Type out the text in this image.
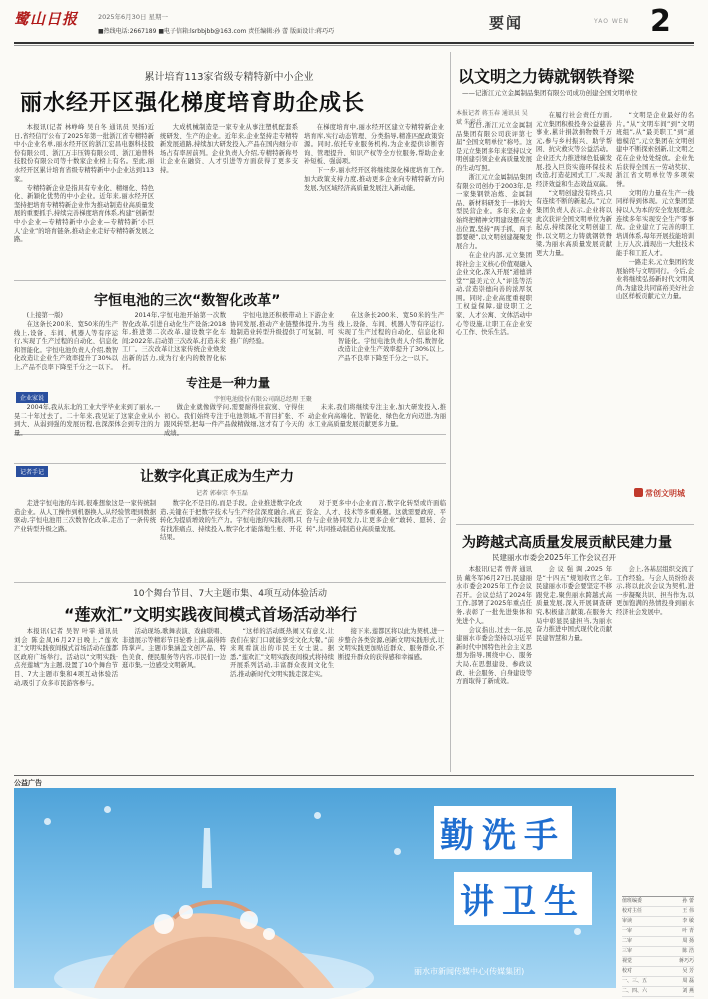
鹭山日报	2025年6月30日 星期一
■热线电话:2667189 ■电子信箱:lsrbbjbb@163.com 责任编辑:孙 蕾 版面设计:蒋巧巧	要闻	YAO WEN 2
累计培育113家省级专精特新中小企业
丽水经开区强化梯度培育助企成长

本报讯(记者 林峥峰 吴自冬 通讯员 吴扬)近日,省经信厅公布了2025年第一批浙江省专精特新中小企业名单,丽水经开区的浙江宏昌电器科技股份有限公司、浙江万丰压铸有限公司、浙江迪普科技股份有限公司等十数家企业榜上有名。至此,丽水经开区累计培育省级专精特新中小企业达到113家。

专精特新企业是指具有专业化、精细化、特色化、新颖化优势的中小企业。近年来,丽水经开区坚持把培育专精特新企业作为推动制造业高质量发展的重要抓手,持续完善梯度培育体系,构建“创新型中小企业—专精特新中小企业—专精特新‘小巨人’企业”的培育链条,推动企业走好专精特新发展之路。

大成机械制造是一家专业从事注塑机配套系统研发、生产的企业。近年来,企业坚持走专精特新发展道路,持续加大研发投入,产品在国内细分市场占有率居前列。企业负责人介绍,专精特新称号让企业在融资、人才引进等方面获得了更多支持。

在梯度培育中,丽水经开区建立专精特新企业培育库,实行动态管理、分类指导,精准匹配政策资源。同时,依托专业服务机构,为企业提供诊断咨询、管理提升、知识产权等全方位服务,帮助企业补短板、强弱项。

下一步,丽水经开区将继续深化梯度培育工作,加大政策支持力度,推动更多企业向专精特新方向发展,为区域经济高质量发展注入新动能。

宇恒电池的三次“数智化改革”

(上接第一版)

在这条长200米、宽50米的生产线上,设备、车间、机器人等有序运行,实现了生产过程的自动化、信息化和智能化。宇恒电池负责人介绍,数智化改造让企业生产效率提升了30%以上,产品不良率下降至千分之一以下。

2014年,宇恒电池开始第一次数智化改革,引进自动化生产设备;2018年,推进第二次改革,建设数字化车间;2022年,启动第三次改革,打造未来工厂。三次改革让这家传统企业焕发出新的活力,成为行业内的数智化标杆。

宇恒电池还积极带动上下游企业协同发展,推动产业链整体提升,为当地制造业转型升级提供了可复制、可推广的经验。

在这条长200米、宽50米的生产线上,设备、车间、机器人等有序运行,实现了生产过程的自动化、信息化和智能化。宇恒电池负责人介绍,数智化改造让企业生产效率提升了30%以上,产品不良率下降至千分之一以下。

企业家说
专注是一种力量
宇恒电池股份有限公司副总经理 王聚

2004年,我从东北的工业大学毕业来到了丽水,一晃二十年过去了。二十年来,我见证了这家企业从小到大、从弱到强的发展历程,也深深体会到专注的力量。

做企业就像做学问,需要耐得住寂寞、守得住初心。我们始终专注于电池领域,不盲目扩张、不跟风转型,把每一件产品做精做细,这才有了今天的成绩。

未来,我们将继续专注主业,加大研发投入,推动企业向高端化、智能化、绿色化方向迈进,为丽水工业高质量发展贡献更多力量。

记者手记	让数字化真正成为生产力
记者 郭奉宗 李玉磊

走进宇恒电池的车间,很难想象这是一家传统制造企业。从人工操作到机器换人,从经验管理到数据驱动,宇恒电池用三次数智化改革,走出了一条传统产业转型升级之路。

数字化不是目的,而是手段。企业推进数字化改造,关键在于把数字技术与生产经营深度融合,真正转化为提质增效的生产力。宇恒电池的实践表明,只有找准痛点、持续投入,数字化才能落地生根、开花结果。

对于更多中小企业而言,数字化转型或许面临资金、人才、技术等多重难题。这就需要政府、平台与企业协同发力,让更多企业“敢转、愿转、会转”,共同推动制造业高质量发展。

10个舞台节目、7大主题市集、4项互动体验活动
“莲欢汇”文明实践夜间模式首场活动举行

本报讯(记者 吴智 叶霏 通讯员 刘会 陈金凤)6月27日晚上,“莲欢汇”文明实践夜间模式首场活动在莲都区政府广场举行。活动以“文明实践·点亮莲城”为主题,设置了10个舞台节目、7大主题市集和4项互动体验活动,吸引了众多市民游客参与。

活动现场,歌舞表演、戏曲联唱、非遗展示等精彩节目轮番上演,赢得阵阵掌声。主题市集涵盖文创产品、特色美食、便民服务等内容,市民们一边逛市集,一边感受文明新风。

“这样的活动既热闹又有意义,让我们在家门口就能享受文化大餐。”前来观看演出的市民王女士说。据悉,“莲欢汇”文明实践夜间模式将持续开展系列活动,丰富群众夜间文化生活,推动新时代文明实践走深走实。

接下来,莲都区将以此为契机,进一步整合各类资源,创新文明实践形式,让文明实践更加贴近群众、服务群众,不断提升群众的获得感和幸福感。

以文明之力铸就钢铁脊梁
——记浙江元立金属制品集团有限公司成功创建全国文明单位
本报记者 蒋玉春 通讯员 吴斌 朱彩兵

近日,浙江元立金属制品集团有限公司获评第七届“全国文明单位”称号。这是元立集团多年来坚持以文明创建引领企业高质量发展的生动写照。

浙江元立金属制品集团有限公司创办于2003年,是一家集钢铁冶炼、金属制品、新材料研发于一体的大型民营企业。多年来,企业始终把精神文明建设摆在突出位置,坚持“两手抓、两手都要硬”,以文明创建凝聚发展合力。

在企业内部,元立集团将社会主义核心价值观融入企业文化,深入开展“道德讲堂”“最美元立人”评选等活动,营造崇德向善的浓厚氛围。同时,企业高度重视职工权益保障,建设职工之家、人才公寓、文体活动中心等设施,让职工在企业安心工作、快乐生活。

在履行社会责任方面,元立集团积极投身公益慈善事业,累计捐款捐物数千万元,参与乡村振兴、助学帮困、抗灾救灾等公益活动。企业还大力推进绿色低碳发展,投入巨资实施环保技术改造,打造花园式工厂,实现经济效益和生态效益双赢。

“文明创建没有终点,只有连续不断的新起点。”元立集团负责人表示,企业将以此次获评全国文明单位为新起点,持续深化文明创建工作,以文明之力铸就钢铁脊梁,为丽水高质量发展贡献更大力量。

“文明是企业最好的名片。”从“文明车间”到“文明班组”,从“最美职工”到“道德模范”,元立集团在文明创建中不断探索创新,让文明之花在企业处处绽放。企业先后获得全国五一劳动奖状、浙江省文明单位等多项荣誉。

文明的力量在生产一线同样得到体现。元立集团坚持以人为本的安全发展理念,连续多年实现安全生产零事故。企业建立了完善的职工培训体系,每年开展技能培训上万人次,涌现出一大批技术能手和工匠人才。

一路走来,元立集团的发展始终与文明同行。今后,企业将继续弘扬新时代文明风尚,为建设共同富裕美好社会山区样板贡献元立力量。

常创文明城
为跨越式高质量发展贡献民建力量
民建丽水市委会2025年工作会议召开

本报讯(记者 曾菁 通讯员 戴冬军)6月27日,民建丽水市委会2025年工作会议召开。会议总结了2024年工作,部署了2025年重点任务,表彰了一批先进集体和先进个人。

会议指出,过去一年,民建丽水市委会坚持以习近平新时代中国特色社会主义思想为指导,围绕中心、服务大局,在思想建设、参政议政、社会服务、自身建设等方面取得了新成效。

会议强调,2025年是“十四五”规划收官之年,民建丽水市委会要坚定不移跟党走,聚焦丽水跨越式高质量发展,深入开展调查研究,积极建言献策,在服务大局中彰显民建担当,为丽水奋力推进中国式现代化贡献民建智慧和力量。

会上,各基层组织交流了工作经验。与会人员纷纷表示,将以此次会议为契机,进一步凝聚共识、担当作为,以更加饱满的热情投身到丽水经济社会发展中。

公益广告
勤洗手
讲卫生
丽水市新闻传媒中心(传媒集团)
值班编委	孙 蕾
校对主任	王 伟
审读	李 敏
一审	叶 青
二审	周 扬
三审	陈 浩
视觉	蒋巧巧
校对	吴 芳
一、三、五	周 磊
二、四、六	刘 燕
